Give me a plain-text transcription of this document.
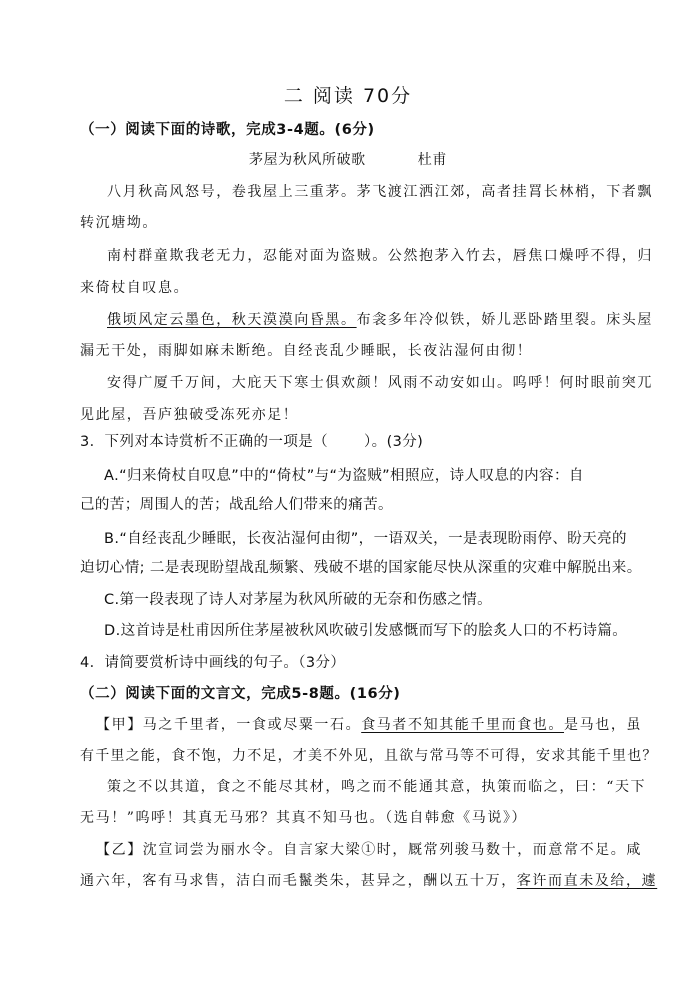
二 阅读 70分
（一）阅读下面的诗歌，完成3-4题。(6分)
茅屋为秋风所破歌	杜甫
八月秋高风怒号，卷我屋上三重茅。茅飞渡江洒江郊，高者挂罥长林梢，下者飘
转沉塘坳。
南村群童欺我老无力，忍能对面为盗贼。公然抱茅入竹去，唇焦口燥呼不得，归
来倚杖自叹息。
俄顷风定云墨色，秋天漠漠向昏黑。布衾多年冷似铁，娇儿恶卧踏里裂。床头屋
漏无干处，雨脚如麻未断绝。自经丧乱少睡眠，长夜沾湿何由彻！
安得广厦千万间，大庇天下寒士俱欢颜！风雨不动安如山。呜呼！何时眼前突兀
见此屋，吾庐独破受冻死亦足！
3．下列对本诗赏析不正确的一项是（ ）。(3分)
A.“归来倚杖自叹息”中的“倚杖”与“为盗贼”相照应，诗人叹息的内容：自
己的苦；周围人的苦；战乱给人们带来的痛苦。
B.“自经丧乱少睡眠，长夜沾湿何由彻”，一语双关，一是表现盼雨停、盼天亮的
迫切心情; 二是表现盼望战乱频繁、残破不堪的国家能尽快从深重的灾难中解脱出来。
C.第一段表现了诗人对茅屋为秋风所破的无奈和伤感之情。
D.这首诗是杜甫因所住茅屋被秋风吹破引发感慨而写下的脍炙人口的不朽诗篇。
4．请简要赏析诗中画线的句子。（3分）
（二）阅读下面的文言文，完成5-8题。(16分)
【甲】马之千里者，一食或尽粟一石。食马者不知其能千里而食也。是马也，虽
有千里之能，食不饱，力不足，才美不外见，且欲与常马等不可得，安求其能千里也？
策之不以其道，食之不能尽其材，鸣之而不能通其意，执策而临之，曰：“天下
无马！”呜呼！其真无马邪？其真不知马也。（选自韩愈《马说》）
【乙】沈宣词尝为丽水令。自言家大梁①时，厩常列骏马数十，而意常不足。咸
通六年，客有马求售，洁白而毛鬣类朱，甚异之，酬以五十万，客许而直未及给，遽
